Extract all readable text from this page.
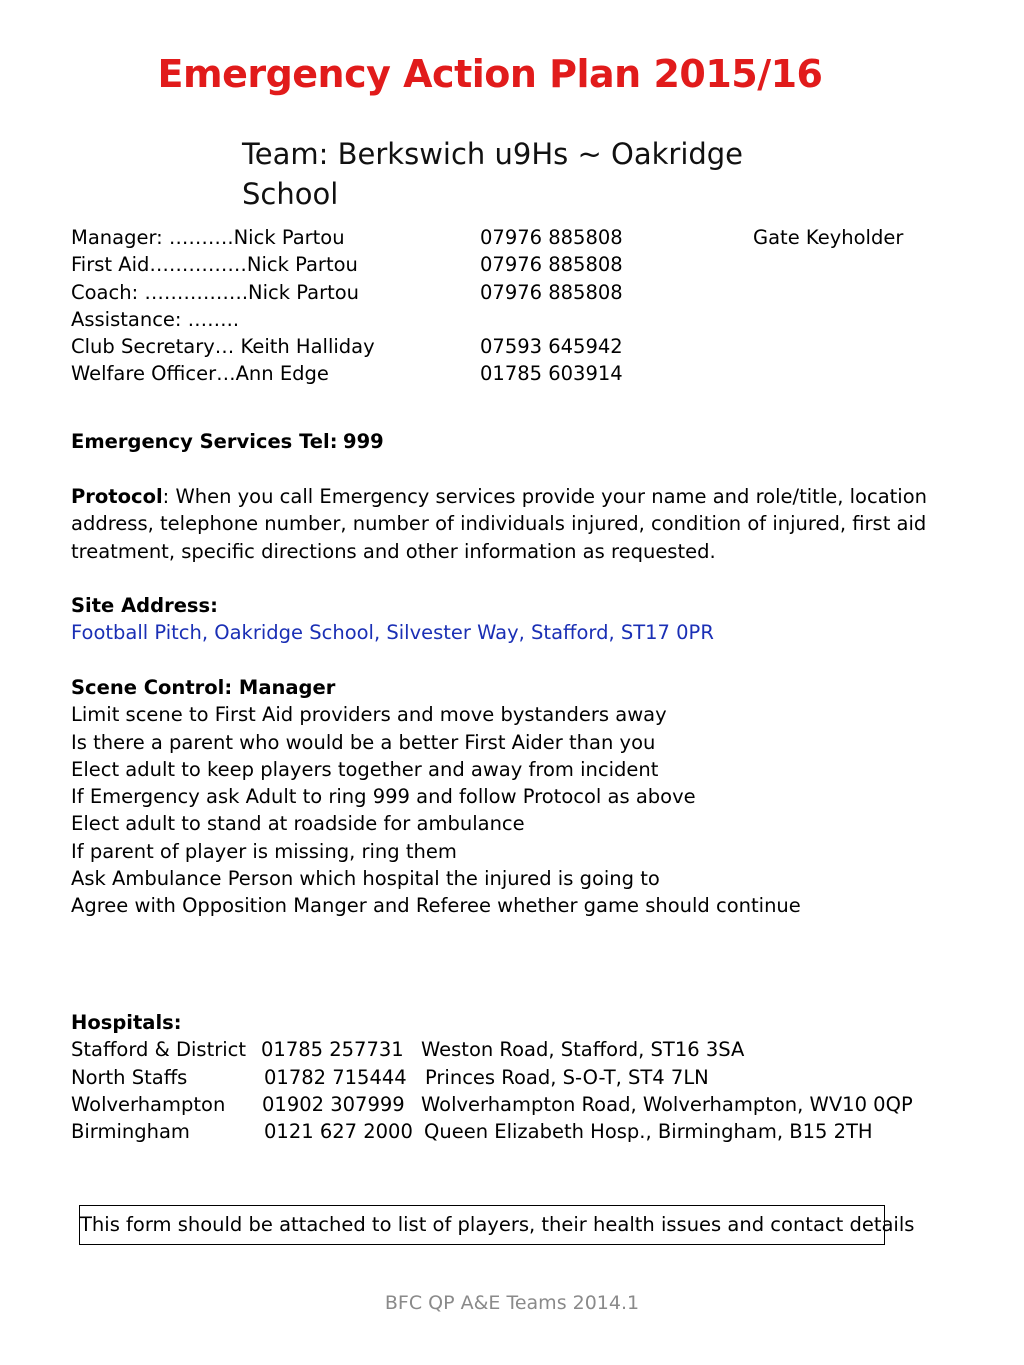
Emergency Action Plan 2015/16
Team: Berkswich u9Hs ~ Oakridge School
Manager: ……….Nick Partou	07976 885808	Gate Keyholder
First Aid……………Nick Partou	07976 885808
Coach: …………….Nick Partou	07976 885808
Assistance: ……..
Club Secretary… Keith Halliday	07593 645942
Welfare Officer…Ann Edge	01785 603914
Emergency Services Tel: 999
Protocol: When you call Emergency services provide your name and role/title, location address, telephone number, number of individuals injured, condition of injured, first aid treatment, specific directions and other information as requested.
Site Address:
Football Pitch, Oakridge School, Silvester Way, Stafford, ST17 0PR
Scene Control: Manager
Limit scene to First Aid providers and move bystanders away
Is there a parent who would be a better First Aider than you
Elect adult to keep players together and away from incident
If Emergency ask Adult to ring 999 and follow Protocol as above
Elect adult to stand at roadside for ambulance
If parent of player is missing, ring them
Ask Ambulance Person which hospital the injured is going to
Agree with Opposition Manger and Referee whether game should continue
Hospitals:
Stafford & District 01785 257731 Weston Road, Stafford, ST16 3SA
North Staffs	01782 715444 Princes Road, S-O-T, ST4 7LN
Wolverhampton 01902 307999 Wolverhampton Road, Wolverhampton, WV10 0QP
Birmingham	0121 627 2000 Queen Elizabeth Hosp., Birmingham, B15 2TH
This form should be attached to list of players, their health issues and contact details
BFC QP A&E Teams 2014.1
